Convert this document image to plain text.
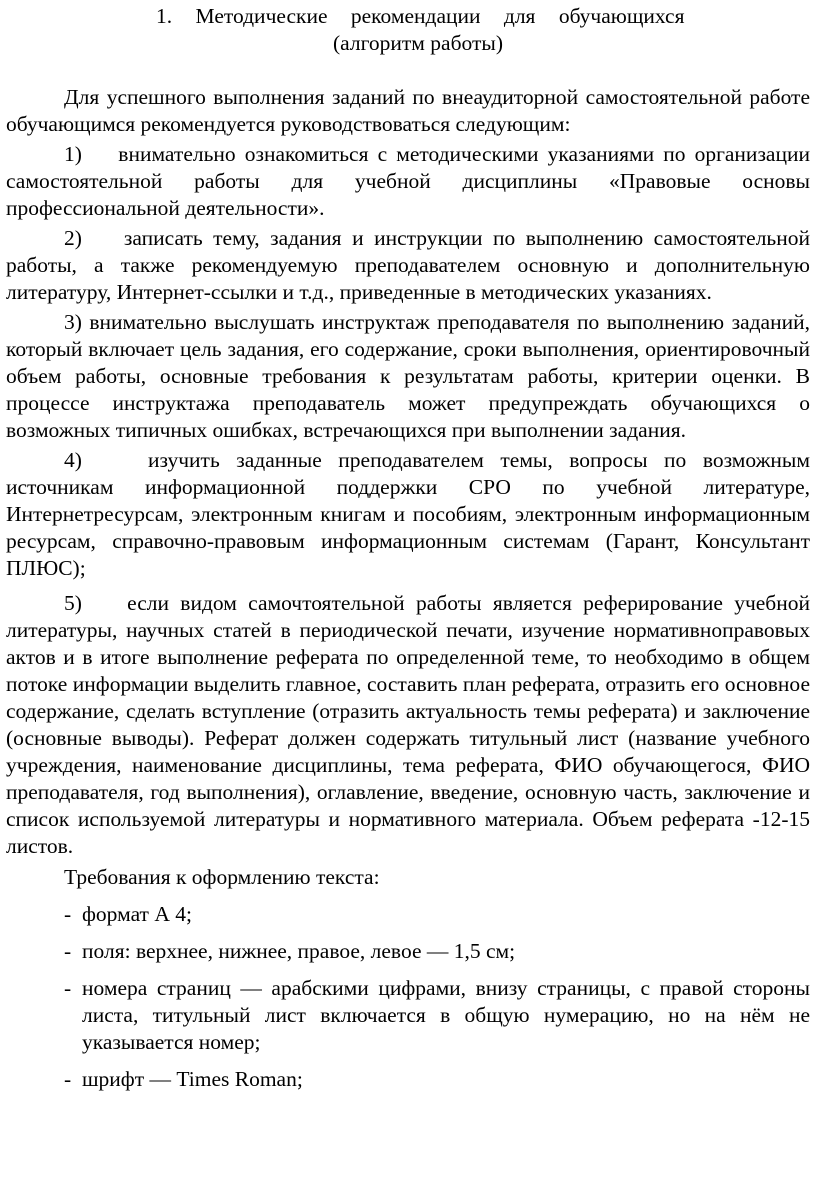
1. Методические рекомендации для обучающихся
(алгоритм работы)

Для успешного выполнения заданий по внеаудиторной самостоятельной работе обучающимся рекомендуется руководствоваться следующим:

1)    внимательно ознакомиться с методическими указаниями по организации самостоятельной работы для учебной дисциплины «Правовые основы профессиональной деятельности».

2)    записать тему, задания и инструкции по выполнению самостоятельной работы, а также рекомендуемую преподавателем основную и дополнительную литературу, Интернет-ссылки и т.д., приведенные в методических указаниях.

3) внимательно выслушать инструктаж преподавателя по выполнению заданий, который включает цель задания, его содержание, сроки выполнения, ориентировочный объем работы, основные требования к результатам работы, критерии оценки. В процессе инструктажа преподаватель может предупреждать обучающихся о возможных типичных ошибках, встречающихся при выполнении задания.

4)    изучить заданные преподавателем темы, вопросы по возможным источникам информационной поддержки СРО по учебной литературе, Интернетресурсам, электронным книгам и пособиям, электронным информационным ресурсам, справочно-правовым информационным системам (Гарант, Консультант ПЛЮС);

5)    если видом самочтоятельной работы является реферирование учебной литературы, научных статей в периодической печати, изучение нормативноправовых актов и в итоге выполнение реферата по определенной теме, то необходимо в общем потоке информации выделить главное, составить план реферата, отразить его основное содержание, сделать вступление (отразить актуальность темы реферата) и заключение (основные выводы). Реферат должен содержать титульный лист (название учебного учреждения, наименование дисциплины, тема реферата, ФИО обучающегося, ФИО преподавателя, год выполнения), оглавление, введение, основную часть, заключение и список используемой литературы и нормативного материала. Объем реферата -12-15 листов.

Требования к оформлению текста:

- формат А 4;
- поля: верхнее, нижнее, правое, левое — 1,5 см;
- номера страниц — арабскими цифрами, внизу страницы, с правой стороны листа, титульный лист включается в общую нумерацию, но на нём не указывается номер;
- шрифт — Times Roman;
